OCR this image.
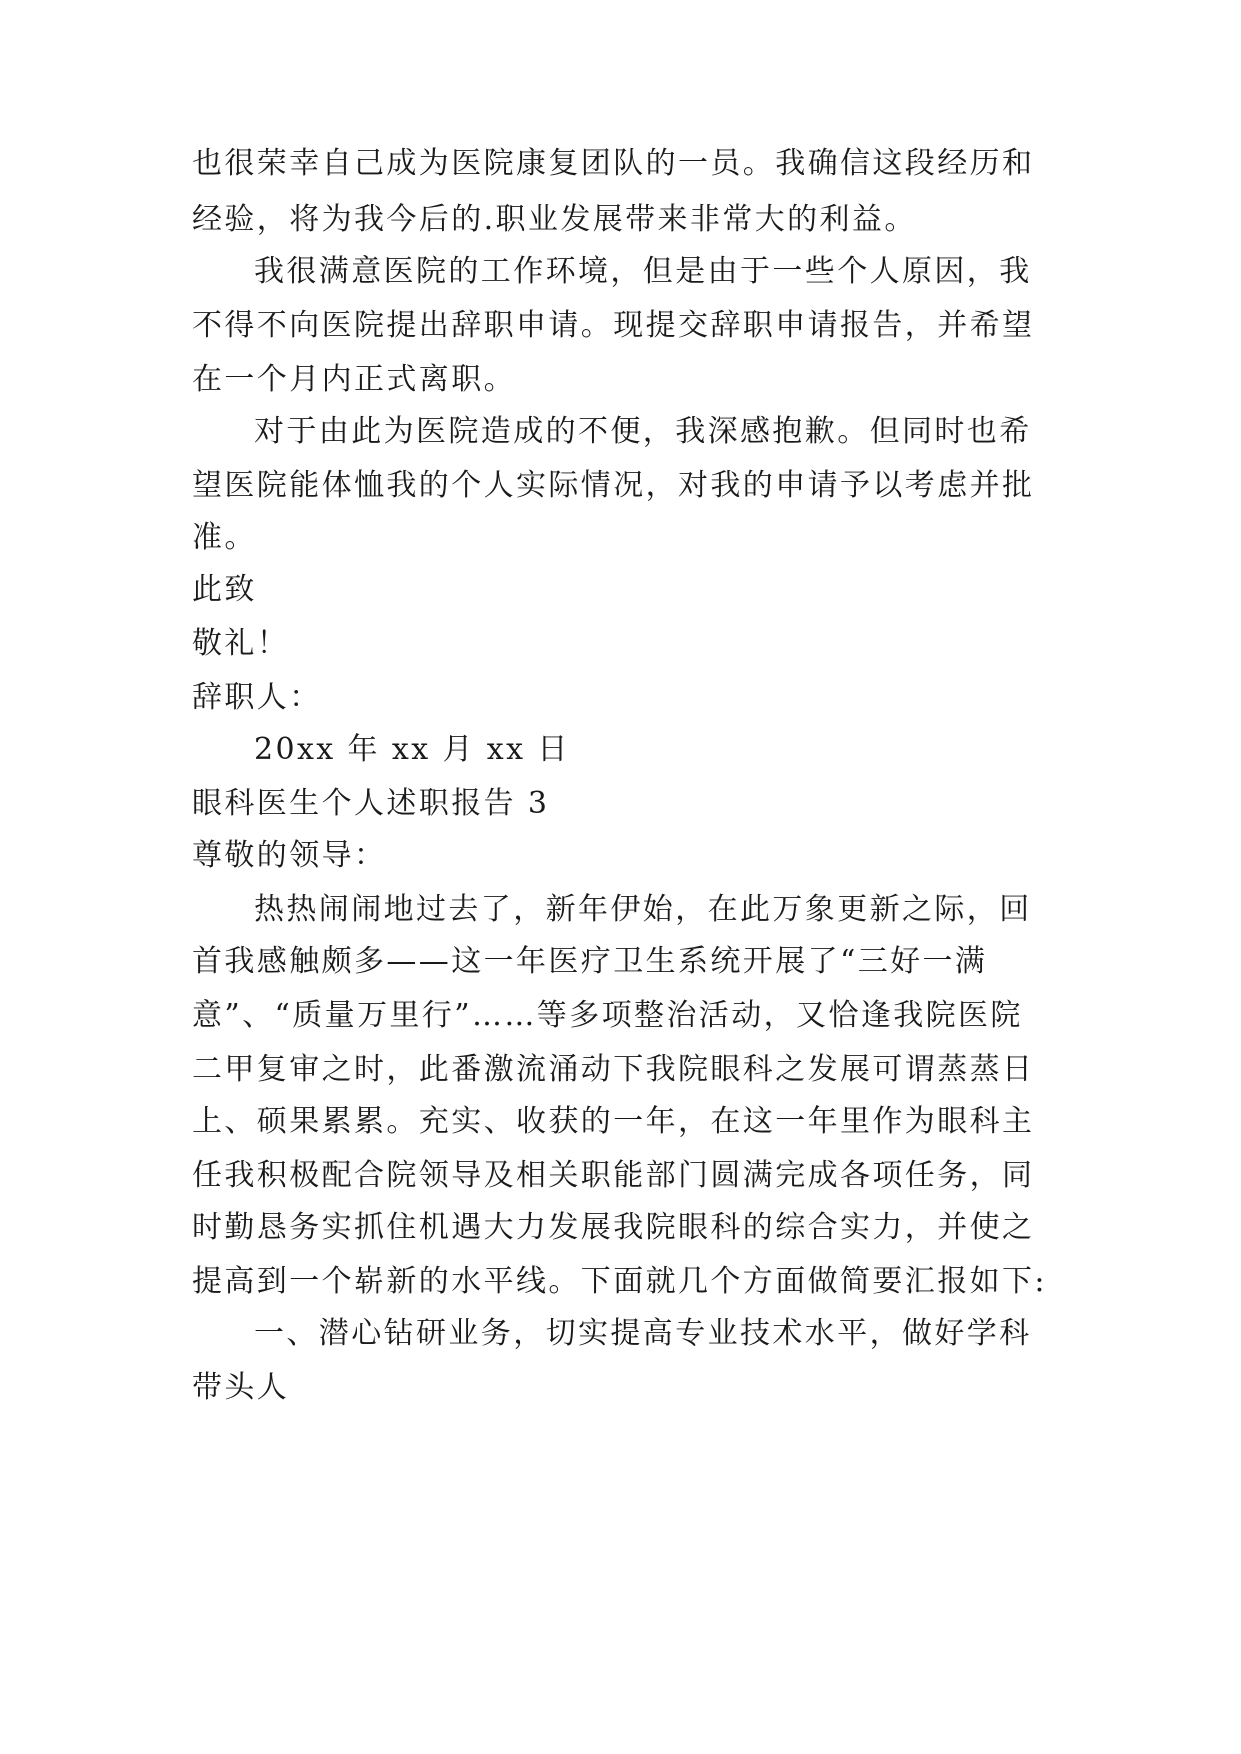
也很荣幸自己成为医院康复团队的一员。我确信这段经历和
经验，将为我今后的.职业发展带来非常大的利益。
我很满意医院的工作环境，但是由于一些个人原因，我
不得不向医院提出辞职申请。现提交辞职申请报告，并希望
在一个月内正式离职。
对于由此为医院造成的不便，我深感抱歉。但同时也希
望医院能体恤我的个人实际情况，对我的申请予以考虑并批
准。
此致
敬礼！
辞职人：
20xx 年 xx 月 xx 日
眼科医生个人述职报告 3
尊敬的领导：
热热闹闹地过去了，新年伊始，在此万象更新之际，回
首我感触颇多——这一年医疗卫生系统开展了“三好一满
意”、“质量万里行”……等多项整治活动，又恰逢我院医院
二甲复审之时，此番激流涌动下我院眼科之发展可谓蒸蒸日
上、硕果累累。充实、收获的一年，在这一年里作为眼科主
任我积极配合院领导及相关职能部门圆满完成各项任务，同
时勤恳务实抓住机遇大力发展我院眼科的综合实力，并使之
提高到一个崭新的水平线。下面就几个方面做简要汇报如下:
一、潜心钻研业务，切实提高专业技术水平，做好学科
带头人
